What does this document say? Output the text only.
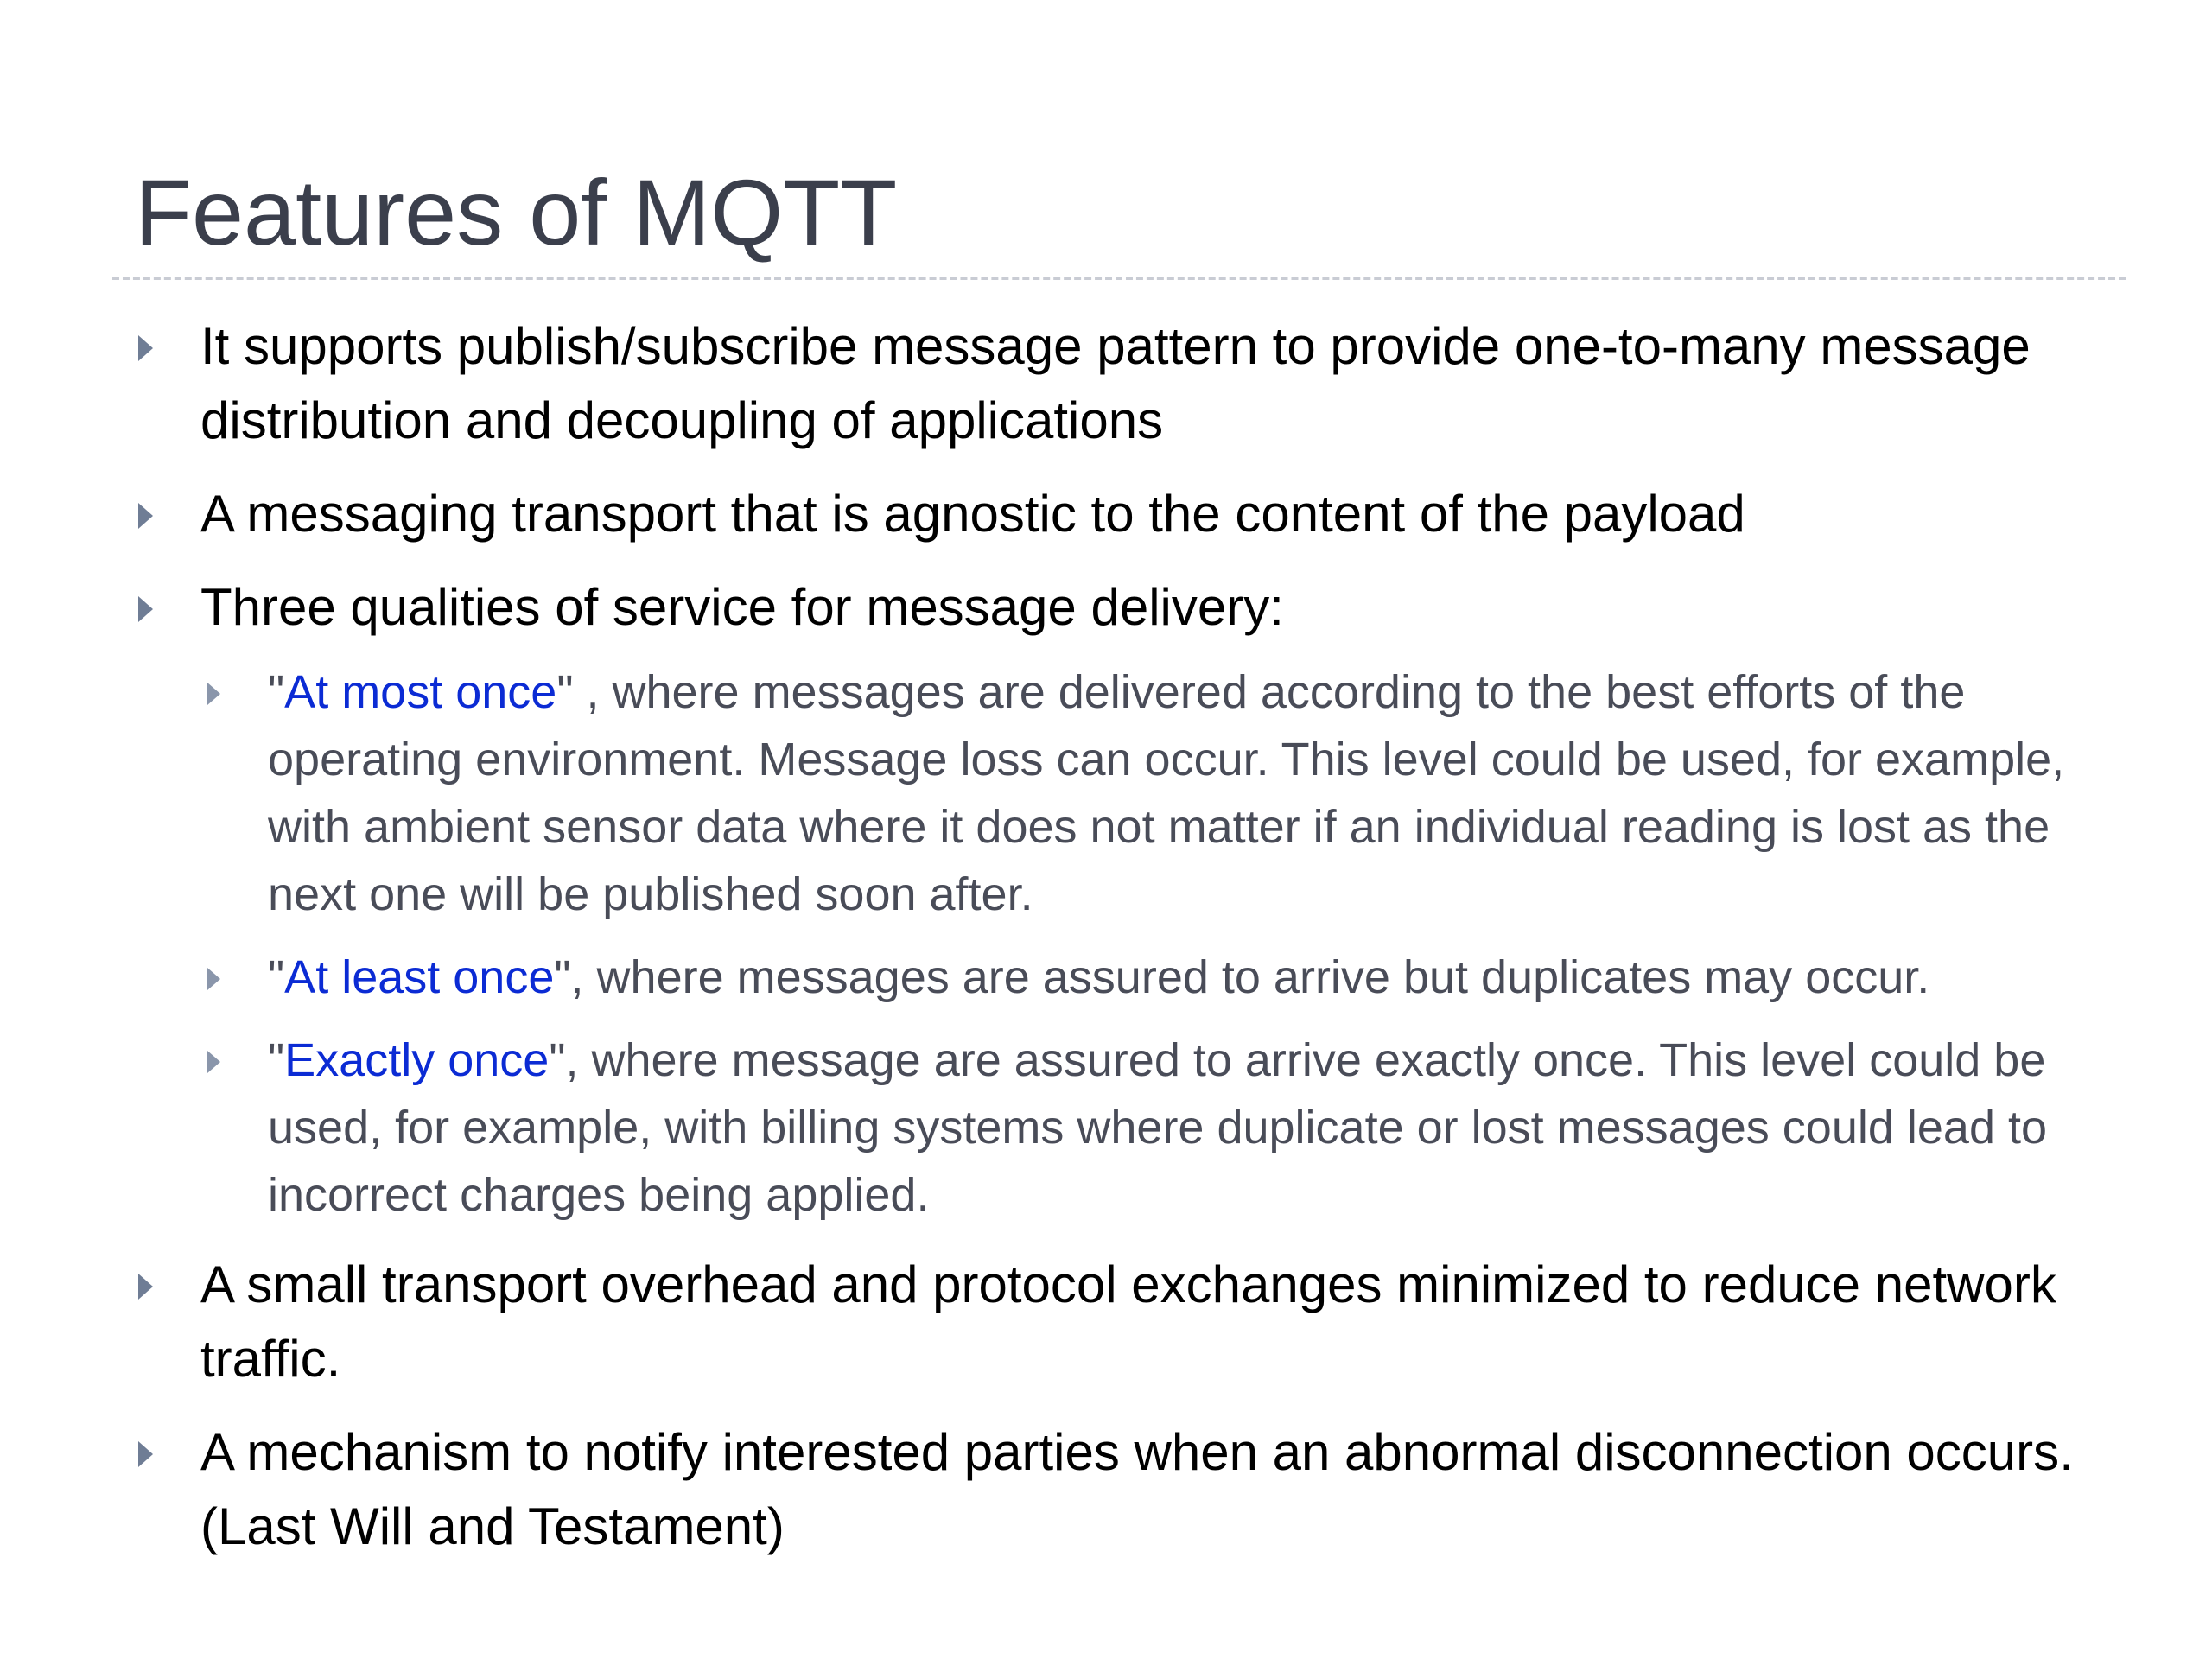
Features of MQTT
It supports publish/subscribe message pattern to provide one-to-many message distribution and decoupling of applications
A messaging transport that is agnostic to the content of the payload
Three qualities of service for message delivery:
"At most once" , where messages are delivered according to the best efforts of the operating environment. Message loss can occur. This level could be used, for example, with ambient sensor data where it does not matter if an individual reading is lost as the next one will be published soon after.
"At least once", where messages are assured to arrive but duplicates may occur.
"Exactly once", where message are assured to arrive exactly once. This level could be used, for example, with billing systems where duplicate or lost messages could lead to incorrect charges being applied.
A small transport overhead and protocol exchanges minimized to reduce network traffic.
A mechanism to notify interested parties when an abnormal disconnection occurs. (Last Will and Testament)
